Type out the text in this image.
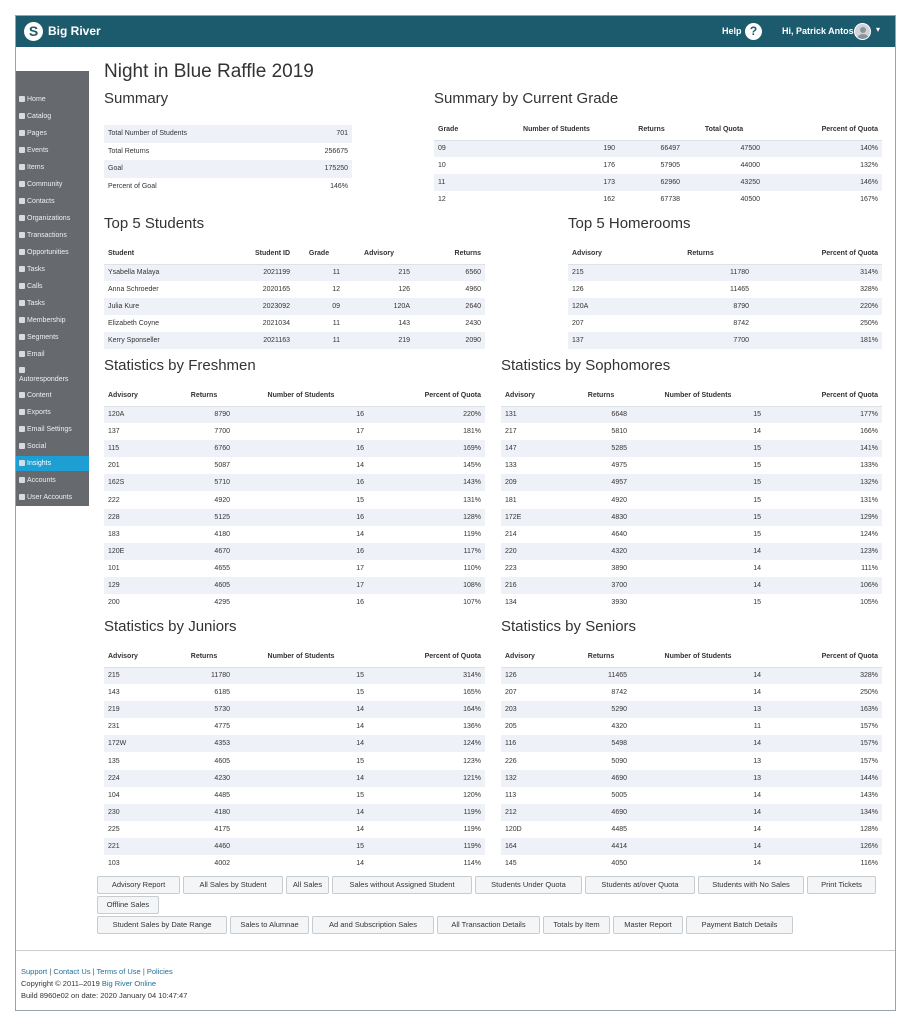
S Big River	Help ?	Hi, Patrick Antos	▾
Home
Catalog
Pages
Events
Items
Community
Contacts
Organizations
Transactions
Opportunities
Tasks
Calls
Tasks
Membership
Segments
Email

Autoresponders
Content
Exports
Email Settings
Social
Insights
Accounts
User Accounts
Night in Blue Raffle 2019
Summary
Total Number of Students	701
Total Returns	256675
Goal	175250
Percent of Goal	146%
Summary by Current Grade
Grade	Number of Students	Returns	Total Quota	Percent of Quota
09	190	66497	47500	140%
10	176	57905	44000	132%
11	173	62960	43250	146%
12	162	67738	40500	167%
Top 5 Students
Student	Student ID	Grade	Advisory	Returns
Ysabella Malaya	2021199	11	215	6560
Anna Schroeder	2020165	12	126	4960
Julia Kure	2023092	09	120A	2640
Elizabeth Coyne	2021034	11	143	2430
Kerry Sponseller	2021163	11	219	2090
Top 5 Homerooms
Advisory	Returns	Percent of Quota
215	11780	314%
126	11465	328%
120A	8790	220%
207	8742	250%
137	7700	181%
Statistics by Freshmen
Advisory	Returns	Number of Students	Percent of Quota
120A	8790	16	220%
137	7700	17	181%
115	6760	16	169%
201	5087	14	145%
162S	5710	16	143%
222	4920	15	131%
228	5125	16	128%
183	4180	14	119%
120E	4670	16	117%
101	4655	17	110%
129	4605	17	108%
200	4295	16	107%
Statistics by Sophomores
Advisory	Returns	Number of Students	Percent of Quota
131	6648	15	177%
217	5810	14	166%
147	5285	15	141%
133	4975	15	133%
209	4957	15	132%
181	4920	15	131%
172E	4830	15	129%
214	4640	15	124%
220	4320	14	123%
223	3890	14	111%
216	3700	14	106%
134	3930	15	105%
Statistics by Juniors
Advisory	Returns	Number of Students	Percent of Quota
215	11780	15	314%
143	6185	15	165%
219	5730	14	164%
231	4775	14	136%
172W	4353	14	124%
135	4605	15	123%
224	4230	14	121%
104	4485	15	120%
230	4180	14	119%
225	4175	14	119%
221	4460	15	119%
103	4002	14	114%
Statistics by Seniors
Advisory	Returns	Number of Students	Percent of Quota
126	11465	14	328%
207	8742	14	250%
203	5290	13	163%
205	4320	11	157%
116	5498	14	157%
226	5090	13	157%
132	4690	13	144%
113	5005	14	143%
212	4690	14	134%
120D	4485	14	128%
164	4414	14	126%
145	4050	14	116%
Advisory Report	All Sales by Student	All Sales	Sales without Assigned Student	Students Under Quota	Students at/over Quota	Students with No Sales	Print Tickets
Offline Sales
Student Sales by Date Range	Sales to Alumnae	Ad and Subscription Sales	All Transaction Details	Totals by Item	Master Report	Payment Batch Details
Support | Contact Us | Terms of Use | Policies
Copyright © 2011–2019 Big River Online
Build 8960e02 on date: 2020 January 04 10:47:47
